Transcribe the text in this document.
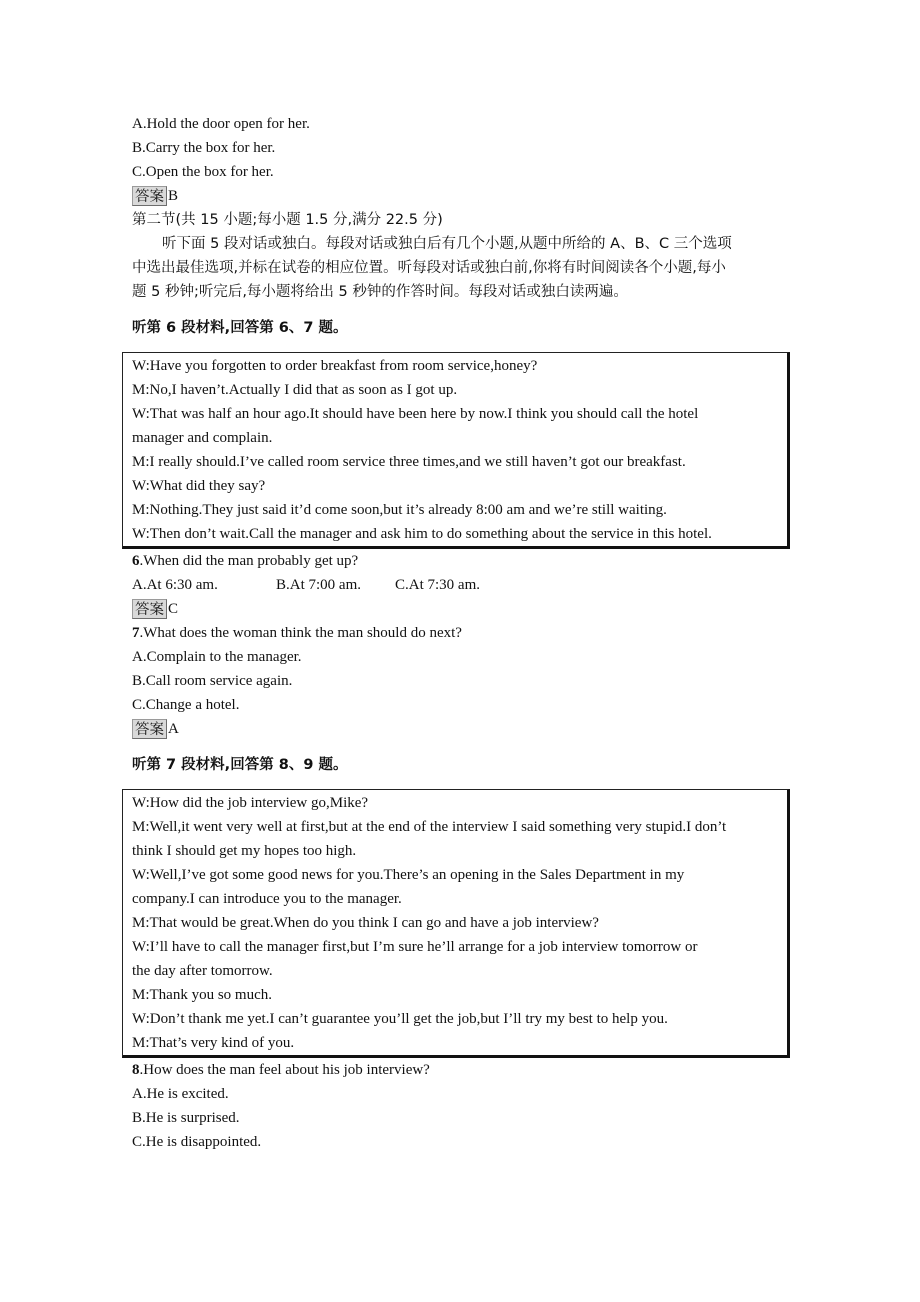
A.Hold the door open for her.
B.Carry the box for her.
C.Open the box for her.
答案 B
第二节(共 15 小题;每小题 1.5 分,满分 22.5 分)
听下面 5 段对话或独白。每段对话或独白后有几个小题,从题中所给的 A、B、C 三个选项
中选出最佳选项,并标在试卷的相应位置。听每段对话或独白前,你将有时间阅读各个小题,每小
题 5 秒钟;听完后,每小题将给出 5 秒钟的作答时间。每段对话或独白读两遍。
听第 6 段材料,回答第 6、7 题。
W:Have you forgotten to order breakfast from room service,honey?
M:No,I haven’t.Actually I did that as soon as I got up.
W:That was half an hour ago.It should have been here by now.I think you should call the hotel
manager and complain.
M:I really should.I’ve called room service three times,and we still haven’t got our breakfast.
W:What did they say?
M:Nothing.They just said it’d come soon,but it’s already 8:00 am and we’re still waiting.
W:Then don’t wait.Call the manager and ask him to do something about the service in this hotel.
6.When did the man probably get up?
A.At 6:30 am.	B.At 7:00 am.	C.At 7:30 am.
答案 C
7.What does the woman think the man should do next?
A.Complain to the manager.
B.Call room service again.
C.Change a hotel.
答案 A
听第 7 段材料,回答第 8、9 题。
W:How did the job interview go,Mike?
M:Well,it went very well at first,but at the end of the interview I said something very stupid.I don’t
think I should get my hopes too high.
W:Well,I’ve got some good news for you.There’s an opening in the Sales Department in my
company.I can introduce you to the manager.
M:That would be great.When do you think I can go and have a job interview?
W:I’ll have to call the manager first,but I’m sure he’ll arrange for a job interview tomorrow or
the day after tomorrow.
M:Thank you so much.
W:Don’t thank me yet.I can’t guarantee you’ll get the job,but I’ll try my best to help you.
M:That’s very kind of you.
8.How does the man feel about his job interview?
A.He is excited.
B.He is surprised.
C.He is disappointed.
